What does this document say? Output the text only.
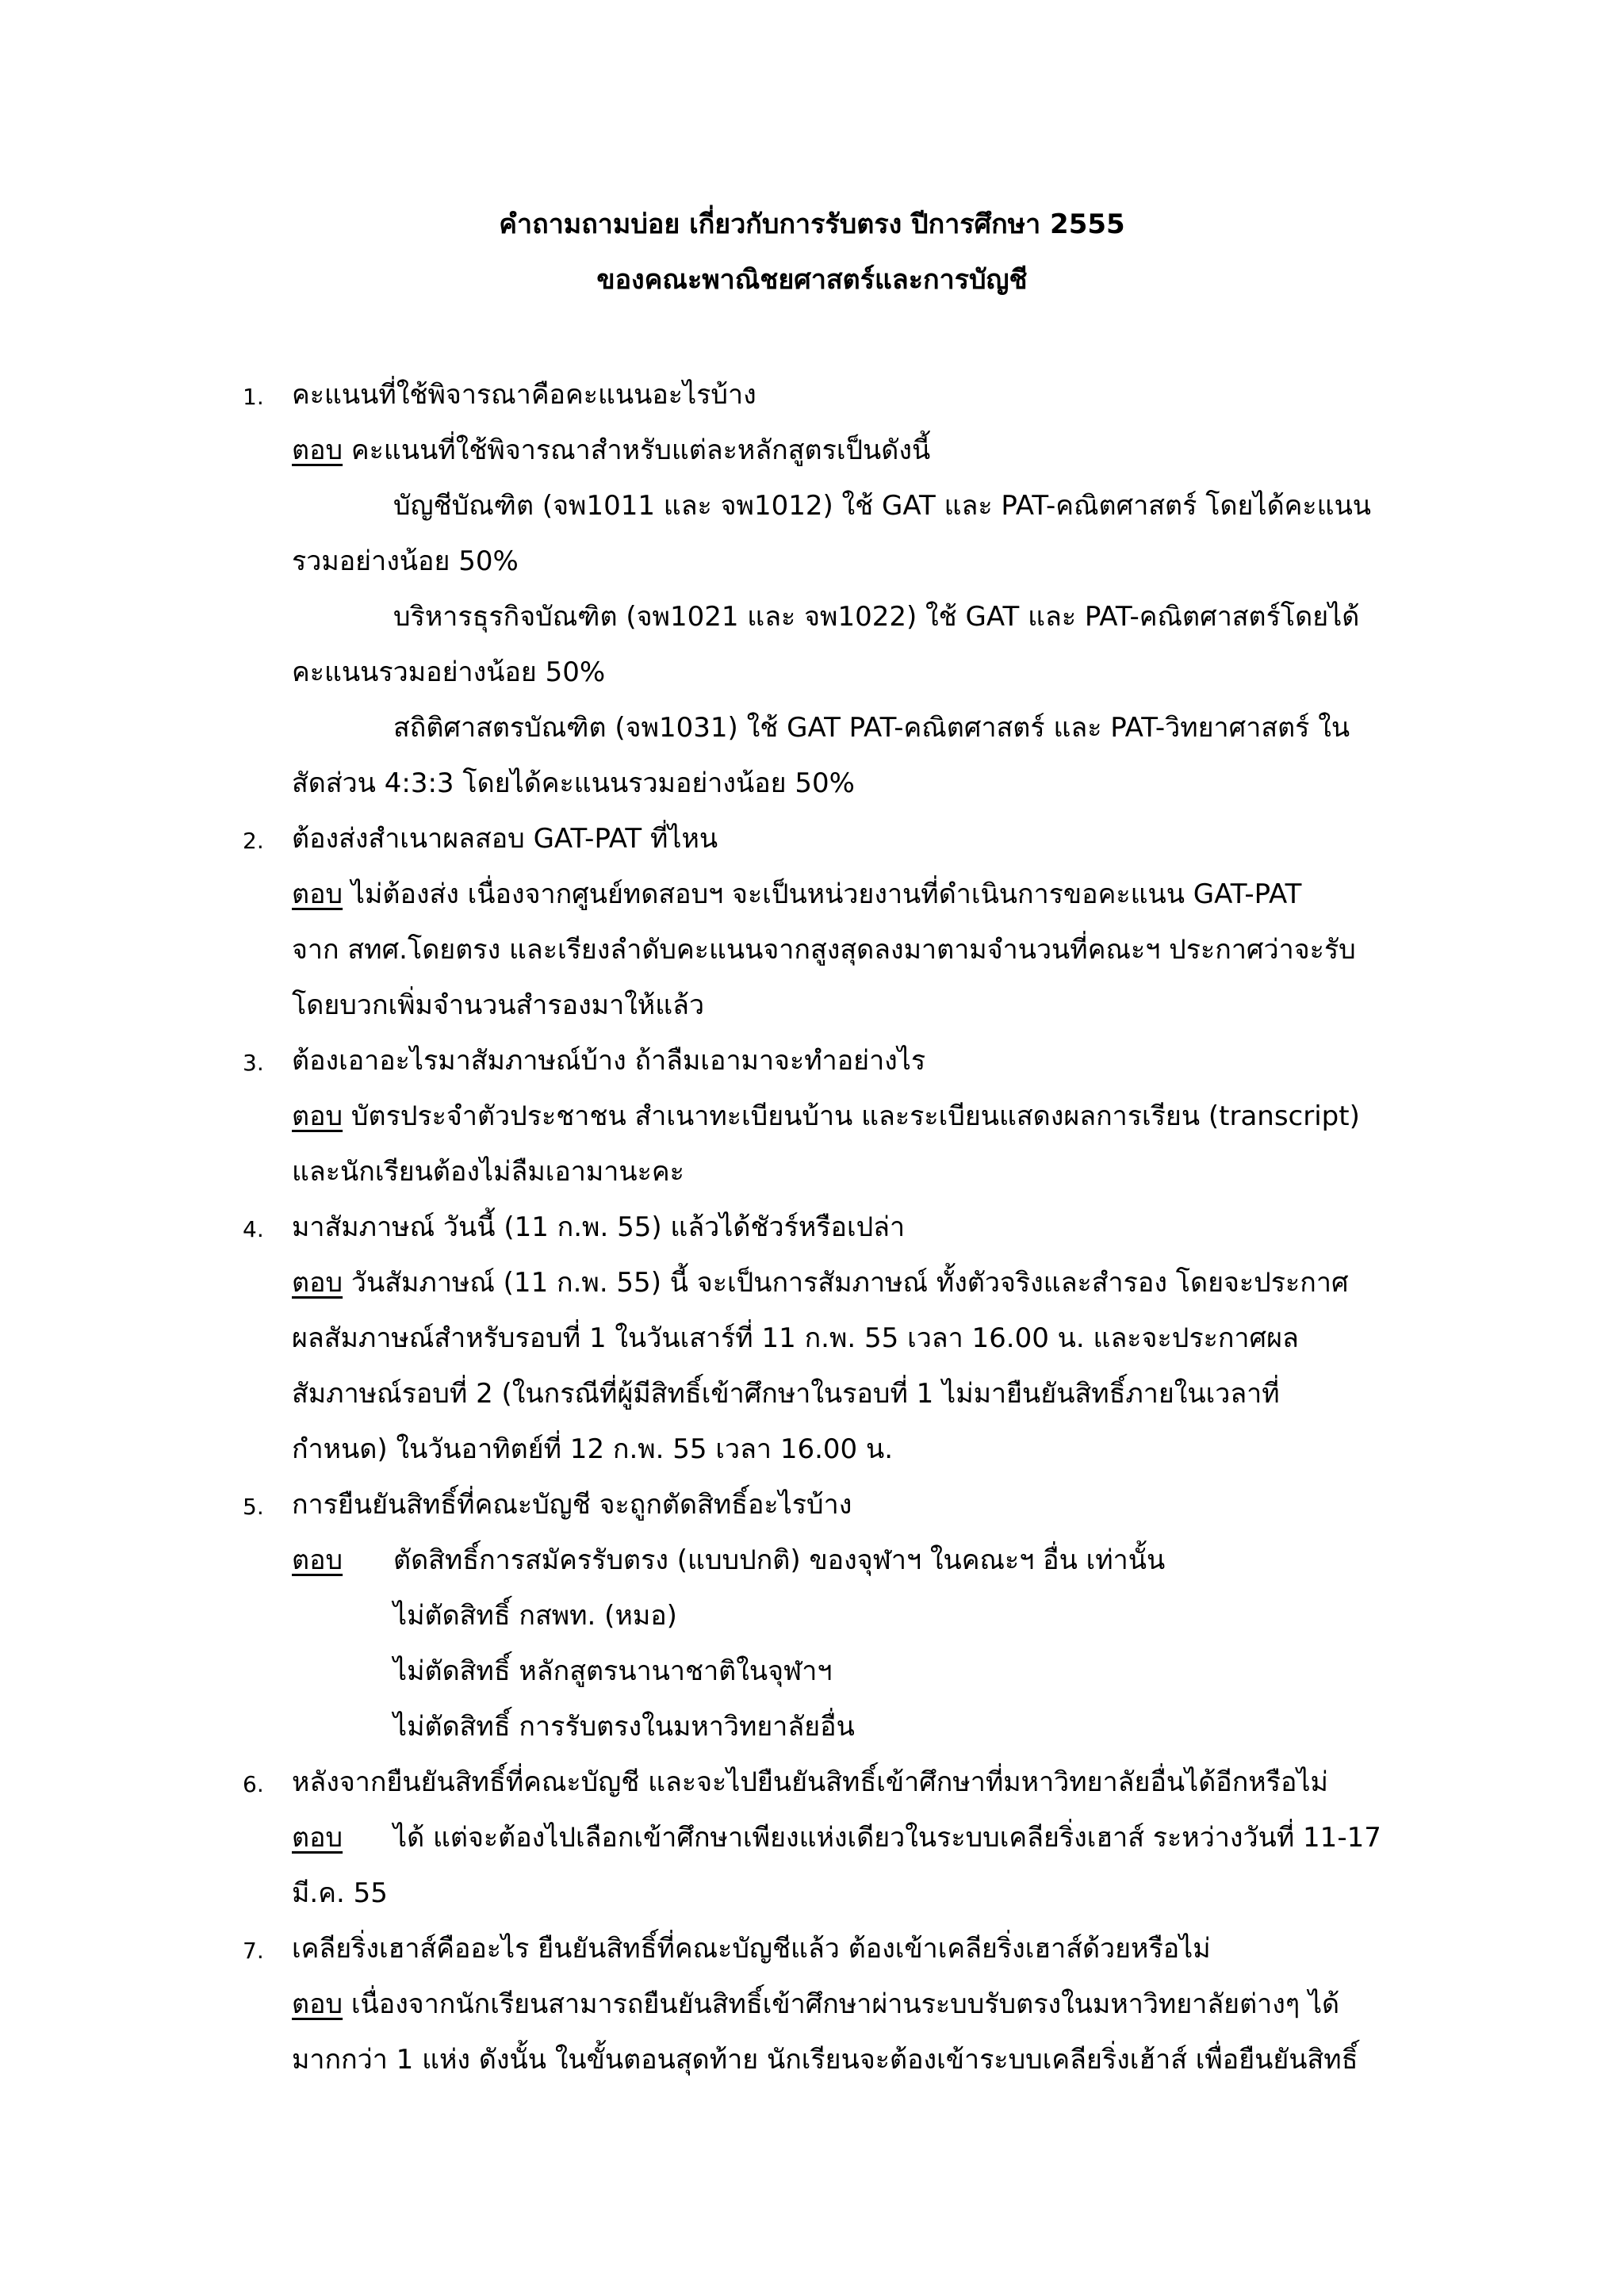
คำถามถามบ่อย เกี่ยวกับการรับตรง ปีการศึกษา 2555
ของคณะพาณิชยศาสตร์และการบัญชี
1. คะแนนที่ใช้พิจารณาคือคะแนนอะไรบ้าง
ตอบ คะแนนที่ใช้พิจารณาสำหรับแต่ละหลักสูตรเป็นดังนี้
บัญชีบัณฑิต (จพ1011 และ จพ1012) ใช้ GAT และ PAT-คณิตศาสตร์ โดยได้คะแนน
รวมอย่างน้อย 50%
บริหารธุรกิจบัณฑิต (จพ1021 และ จพ1022) ใช้ GAT และ PAT-คณิตศาสตร์โดยได้
คะแนนรวมอย่างน้อย 50%
สถิติศาสตรบัณฑิต (จพ1031) ใช้ GAT PAT-คณิตศาสตร์ และ PAT-วิทยาศาสตร์ ใน
สัดส่วน 4:3:3 โดยได้คะแนนรวมอย่างน้อย 50%
2. ต้องส่งสำเนาผลสอบ GAT-PAT ที่ไหน
ตอบ ไม่ต้องส่ง เนื่องจากศูนย์ทดสอบฯ จะเป็นหน่วยงานที่ดำเนินการขอคะแนน GAT-PAT
จาก สทศ.โดยตรง และเรียงลำดับคะแนนจากสูงสุดลงมาตามจำนวนที่คณะฯ ประกาศว่าจะรับ
โดยบวกเพิ่มจำนวนสำรองมาให้แล้ว
3. ต้องเอาอะไรมาสัมภาษณ์บ้าง ถ้าลืมเอามาจะทำอย่างไร
ตอบ บัตรประจำตัวประชาชน สำเนาทะเบียนบ้าน และระเบียนแสดงผลการเรียน (transcript)
และนักเรียนต้องไม่ลืมเอามานะคะ
4. มาสัมภาษณ์ วันนี้ (11 ก.พ. 55) แล้วได้ชัวร์หรือเปล่า
ตอบ วันสัมภาษณ์ (11 ก.พ. 55) นี้ จะเป็นการสัมภาษณ์ ทั้งตัวจริงและสำรอง โดยจะประกาศ
ผลสัมภาษณ์สำหรับรอบที่ 1 ในวันเสาร์ที่ 11 ก.พ. 55 เวลา 16.00 น. และจะประกาศผล
สัมภาษณ์รอบที่ 2 (ในกรณีที่ผู้มีสิทธิ์เข้าศึกษาในรอบที่ 1 ไม่มายืนยันสิทธิ์ภายในเวลาที่
กำหนด) ในวันอาทิตย์ที่ 12 ก.พ. 55 เวลา 16.00 น.
5. การยืนยันสิทธิ์ที่คณะบัญชี จะถูกตัดสิทธิ์อะไรบ้าง
ตอบ ตัดสิทธิ์การสมัครรับตรง (แบบปกติ) ของจุฬาฯ ในคณะฯ อื่น เท่านั้น
ไม่ตัดสิทธิ์ กสพท. (หมอ)
ไม่ตัดสิทธิ์ หลักสูตรนานาชาติในจุฬาฯ
ไม่ตัดสิทธิ์ การรับตรงในมหาวิทยาลัยอื่น
6. หลังจากยืนยันสิทธิ์ที่คณะบัญชี และจะไปยืนยันสิทธิ์เข้าศึกษาที่มหาวิทยาลัยอื่นได้อีกหรือไม่
ตอบ ได้ แต่จะต้องไปเลือกเข้าศึกษาเพียงแห่งเดียวในระบบเคลียริ่งเฮาส์ ระหว่างวันที่ 11-17
มี.ค. 55
7. เคลียริ่งเฮาส์คืออะไร ยืนยันสิทธิ์ที่คณะบัญชีแล้ว ต้องเข้าเคลียริ่งเฮาส์ด้วยหรือไม่
ตอบ เนื่องจากนักเรียนสามารถยืนยันสิทธิ์เข้าศึกษาผ่านระบบรับตรงในมหาวิทยาลัยต่างๆ ได้
มากกว่า 1 แห่ง ดังนั้น ในขั้นตอนสุดท้าย นักเรียนจะต้องเข้าระบบเคลียริ่งเฮ้าส์ เพื่อยืนยันสิทธิ์
